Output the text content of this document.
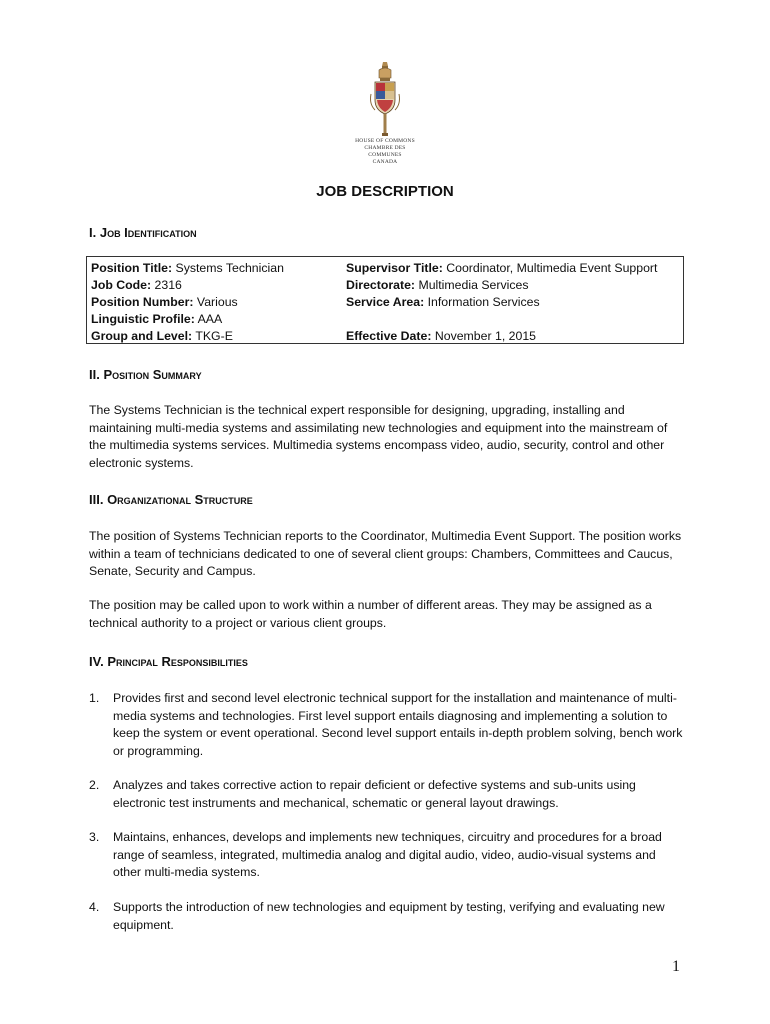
HOUSE OF COMMONS
CHAMBRE DES COMMUNES
CANADA
JOB DESCRIPTION
I. Job Identification
Position Title: Systems Technician
Job Code: 2316
Position Number: Various
Linguistic Profile: AAA
Group and Level: TKG-E
Supervisor Title: Coordinator, Multimedia Event Support
Directorate: Multimedia Services
Service Area: Information Services
Effective Date: November 1, 2015
II. Position Summary
The Systems Technician is the technical expert responsible for designing, upgrading, installing and maintaining multi-media systems and assimilating new technologies and equipment into the mainstream of the multimedia systems services. Multimedia systems encompass video, audio, security, control and other electronic systems.
III. Organizational Structure
The position of Systems Technician reports to the Coordinator, Multimedia Event Support. The position works within a team of technicians dedicated to one of several client groups: Chambers, Committees and Caucus, Senate, Security and Campus.
The position may be called upon to work within a number of different areas. They may be assigned as a technical authority to a project or various client groups.
IV. Principal Responsibilities
1. Provides first and second level electronic technical support for the installation and maintenance of multi-media systems and technologies. First level support entails diagnosing and implementing a solution to keep the system or event operational. Second level support entails in-depth problem solving, bench work or programming.
2. Analyzes and takes corrective action to repair deficient or defective systems and sub-units using electronic test instruments and mechanical, schematic or general layout drawings.
3. Maintains, enhances, develops and implements new techniques, circuitry and procedures for a broad range of seamless, integrated, multimedia analog and digital audio, video, audio-visual systems and other multi-media systems.
4. Supports the introduction of new technologies and equipment by testing, verifying and evaluating new equipment.
1
